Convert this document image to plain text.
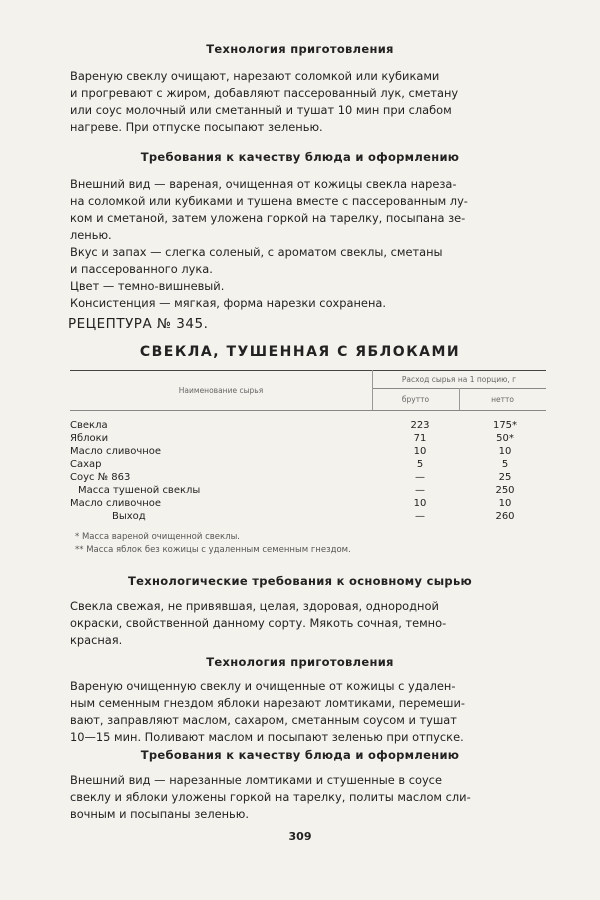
Технология приготовления
Вареную свеклу очищают, нарезают соломкой или кубиками
и прогревают с жиром, добавляют пассерованный лук, сметану
или соус молочный или сметанный и тушат 10 мин при слабом
нагреве. При отпуске посыпают зеленью.
Требования к качеству блюда и оформлению
Внешний вид — вареная, очищенная от кожицы свекла нареза-
на соломкой или кубиками и тушена вместе с пассерованным лу-
ком и сметаной, затем уложена горкой на тарелку, посыпана зе-
ленью.
Вкус и запах — слегка соленый, с ароматом свеклы, сметаны
и пассерованного лука.
Цвет — темно-вишневый.
Консистенция — мягкая, форма нарезки сохранена.
РЕЦЕПТУРА № 345.
СВЕКЛА, ТУШЕННАЯ С ЯБЛОКАМИ
Наименование сырья
Расход сырья на 1 порцию, г
брутто	нетто
Свекла	223	175*
Яблоки	71	50*
Масло сливочное	10	10
Сахар	5	5
Соус № 863	—	25
Масса тушеной свеклы	—	250
Масло сливочное	10	10
Выход	—	260
* Масса вареной очищенной свеклы.
** Масса яблок без кожицы с удаленным семенным гнездом.
Технологические требования к основному сырью
Свекла свежая, не привявшая, целая, здоровая, однородной
окраски, свойственной данному сорту. Мякоть сочная, темно-
красная.
Технология приготовления
Вареную очищенную свеклу и очищенные от кожицы с удален-
ным семенным гнездом яблоки нарезают ломтиками, перемеши-
вают, заправляют маслом, сахаром, сметанным соусом и тушат
10—15 мин. Поливают маслом и посыпают зеленью при отпуске.
Требования к качеству блюда и оформлению
Внешний вид — нарезанные ломтиками и стушенные в соусе
свеклу и яблоки уложены горкой на тарелку, политы маслом сли-
вочным и посыпаны зеленью.
309
